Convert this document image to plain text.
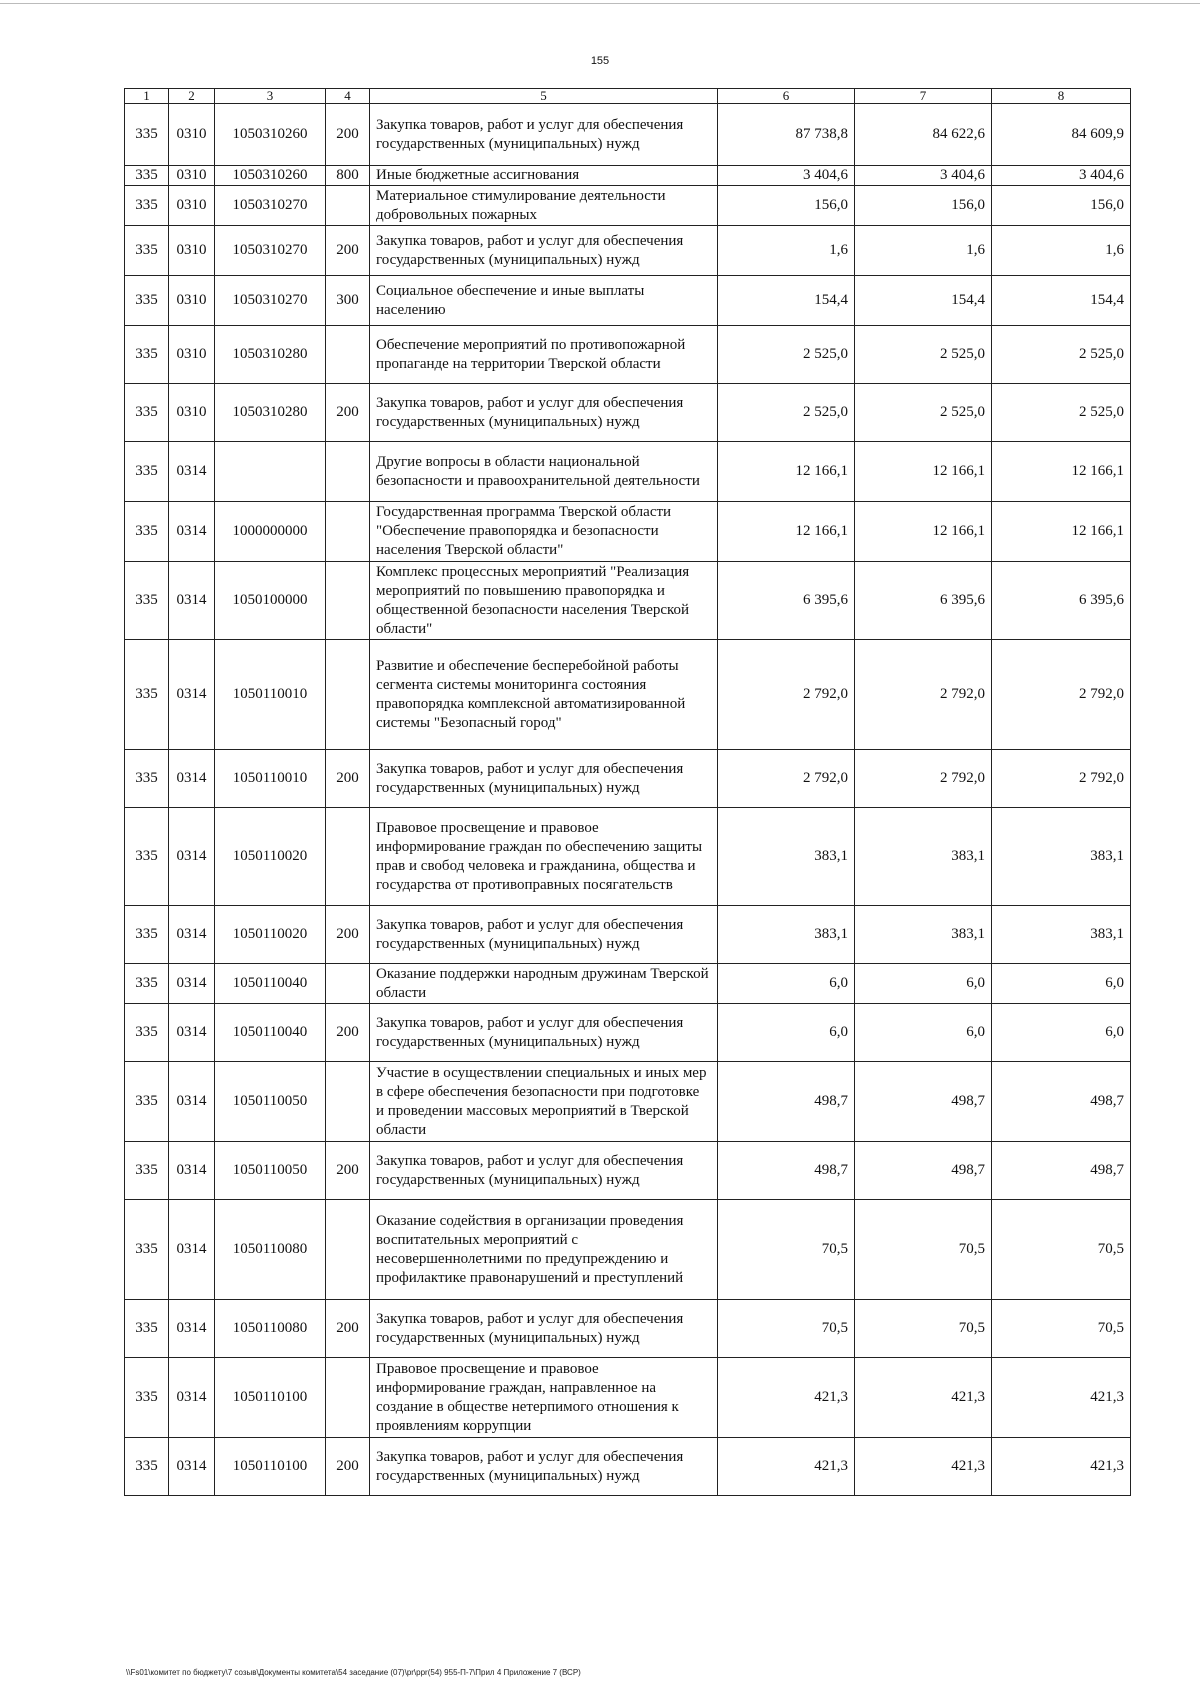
155
1	2	3	4	5	6	7	8
335	0310	1050310260	200	Закупка товаров, работ и услуг для обеспечения государственных (муниципальных) нужд	87 738,8	84 622,6	84 609,9
335	0310	1050310260	800	Иные бюджетные ассигнования	3 404,6	3 404,6	3 404,6
335	0310	1050310270		Материальное стимулирование деятельности добровольных пожарных	156,0	156,0	156,0
335	0310	1050310270	200	Закупка товаров, работ и услуг для обеспечения государственных (муниципальных) нужд	1,6	1,6	1,6
335	0310	1050310270	300	Социальное обеспечение и иные выплаты населению	154,4	154,4	154,4
335	0310	1050310280		Обеспечение мероприятий по противопожарной пропаганде на территории Тверской области	2 525,0	2 525,0	2 525,0
335	0310	1050310280	200	Закупка товаров, работ и услуг для обеспечения государственных (муниципальных) нужд	2 525,0	2 525,0	2 525,0
335	0314			Другие вопросы в области национальной безопасности и правоохранительной деятельности	12 166,1	12 166,1	12 166,1
335	0314	1000000000		Государственная программа Тверской области "Обеспечение правопорядка и безопасности населения Тверской области"	12 166,1	12 166,1	12 166,1
335	0314	1050100000		Комплекс процессных мероприятий "Реализация мероприятий по повышению правопорядка и общественной безопасности населения Тверской области"	6 395,6	6 395,6	6 395,6
335	0314	1050110010		Развитие и обеспечение бесперебойной работы сегмента системы мониторинга состояния правопорядка комплексной автоматизированной системы "Безопасный город"	2 792,0	2 792,0	2 792,0
335	0314	1050110010	200	Закупка товаров, работ и услуг для обеспечения государственных (муниципальных) нужд	2 792,0	2 792,0	2 792,0
335	0314	1050110020		Правовое просвещение и правовое информирование граждан по обеспечению защиты прав и свобод человека и гражданина, общества и государства от противоправных посягательств	383,1	383,1	383,1
335	0314	1050110020	200	Закупка товаров, работ и услуг для обеспечения государственных (муниципальных) нужд	383,1	383,1	383,1
335	0314	1050110040		Оказание поддержки народным дружинам Тверской области	6,0	6,0	6,0
335	0314	1050110040	200	Закупка товаров, работ и услуг для обеспечения государственных (муниципальных) нужд	6,0	6,0	6,0
335	0314	1050110050		Участие в осуществлении специальных и иных мер в сфере обеспечения безопасности при подготовке и проведении массовых мероприятий в Тверской области	498,7	498,7	498,7
335	0314	1050110050	200	Закупка товаров, работ и услуг для обеспечения государственных (муниципальных) нужд	498,7	498,7	498,7
335	0314	1050110080		Оказание содействия в организации проведения воспитательных мероприятий с несовершеннолетними по предупреждению и профилактике правонарушений и преступлений	70,5	70,5	70,5
335	0314	1050110080	200	Закупка товаров, работ и услуг для обеспечения государственных (муниципальных) нужд	70,5	70,5	70,5
335	0314	1050110100		Правовое просвещение и правовое информирование граждан, направленное на создание в обществе нетерпимого отношения к проявлениям коррупции	421,3	421,3	421,3
335	0314	1050110100	200	Закупка товаров, работ и услуг для обеспечения государственных (муниципальных) нужд	421,3	421,3	421,3
\\Fs01\комитет по бюджету\7 созыв\Документы комитета\54 заседание (07)\pr\ppr(54) 955-П-7\Прил 4 Приложение 7 (ВСР)
